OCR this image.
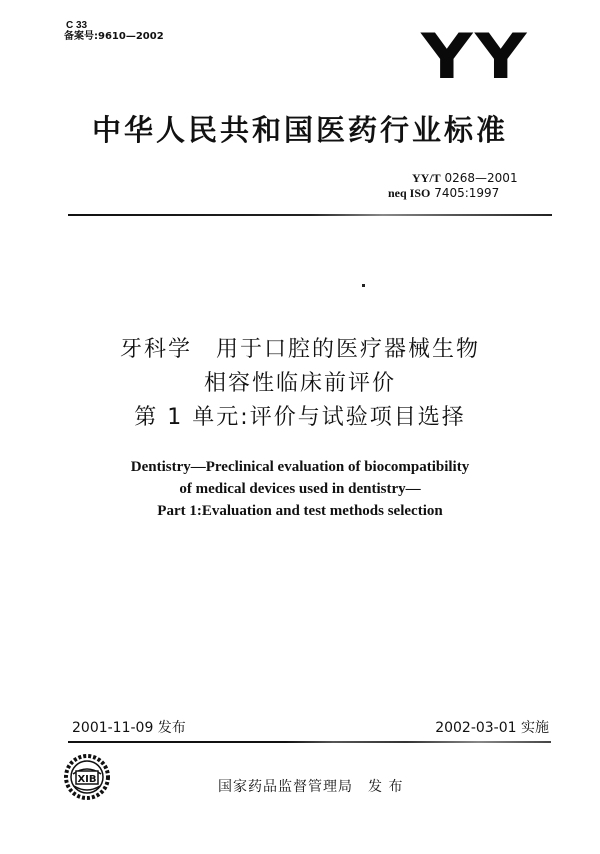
C 33
备案号:9610—2002	YY
中华人民共和国医药行业标准
YY/T 0268—2001
neq ISO 7405:1997
牙科学　用于口腔的医疗器械生物
相容性临床前评价
第 1 单元:评价与试验项目选择
Dentistry—Preclinical evaluation of biocompatibility
of medical devices used in dentistry—
Part 1:Evaluation and test methods selection
2001-11-09 发布	2002-03-01 实施
XIB	国家药品监督管理局　发 布
